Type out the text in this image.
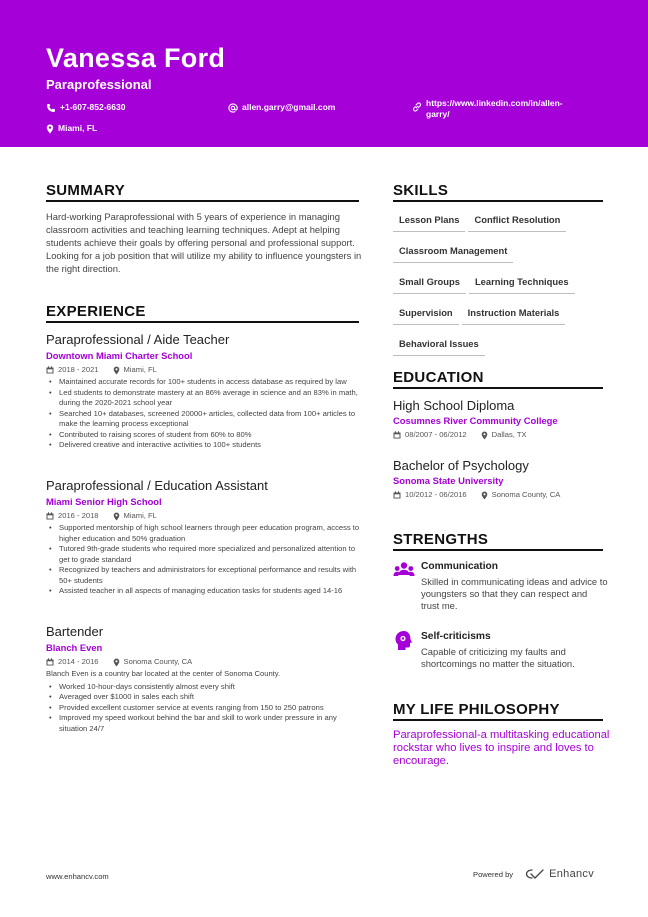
Vanessa Ford
Paraprofessional
+1-607-852-6630	allen.garry@gmail.com	https://www.linkedin.com/in/allen-
garry/
Miami, FL
SUMMARY
Hard-working Paraprofessional with 5 years of experience in managing classroom activities and teaching learning techniques. Adept at helping students achieve their goals by offering personal and professional support. Looking for a job position that will utilize my ability to influence youngsters in the right direction.
EXPERIENCE
Paraprofessional / Aide Teacher
Downtown Miami Charter School
2018 - 2021	Miami, FL
• Maintained accurate records for 100+ students in access database as required by law
• Led students to demonstrate mastery at an 86% average in science and an 83% in math, during the 2020-2021 school year
• Searched 10+ databases, screened 20000+ articles, collected data from 100+ articles to make the learning process exceptional
• Contributed to raising scores of student from 60% to 80%
• Delivered creative and interactive activities to 100+ students
Paraprofessional / Education Assistant
Miami Senior High School
2016 - 2018	Miami, FL
• Supported mentorship of high school learners through peer education program, access to higher education and 50% graduation
• Tutored 9th-grade students who required more specialized and personalized attention to get to grade standard
• Recognized by teachers and administrators for exceptional performance and results with 50+ students
• Assisted teacher in all aspects of managing education tasks for students aged 14-16
Bartender
Blanch Even
2014 - 2016	Sonoma County, CA
Blanch Even is a country bar located at the center of Sonoma County.
• Worked 10-hour-days consistently almost every shift
• Averaged over $1000 in sales each shift
• Provided excellent customer service at events ranging from 150 to 250 patrons
• Improved my speed workout behind the bar and skill to work under pressure in any situation 24/7
SKILLS
Lesson Plans	Conflict Resolution
Classroom Management
Small Groups	Learning Techniques
Supervision	Instruction Materials
Behavioral Issues
EDUCATION
High School Diploma
Cosumnes River Community College
08/2007 - 06/2012	Dallas, TX
Bachelor of Psychology
Sonoma State University
10/2012 - 06/2016	Sonoma County, CA
STRENGTHS
Communication
Skilled in communicating ideas and advice to youngsters so that they can respect and trust me.
Self-criticisms
Capable of criticizing my faults and shortcomings no matter the situation.
MY LIFE PHILOSOPHY
Paraprofessional-a multitasking educational rockstar who lives to inspire and loves to encourage.
www.enhancv.com	Powered by	Enhancv
